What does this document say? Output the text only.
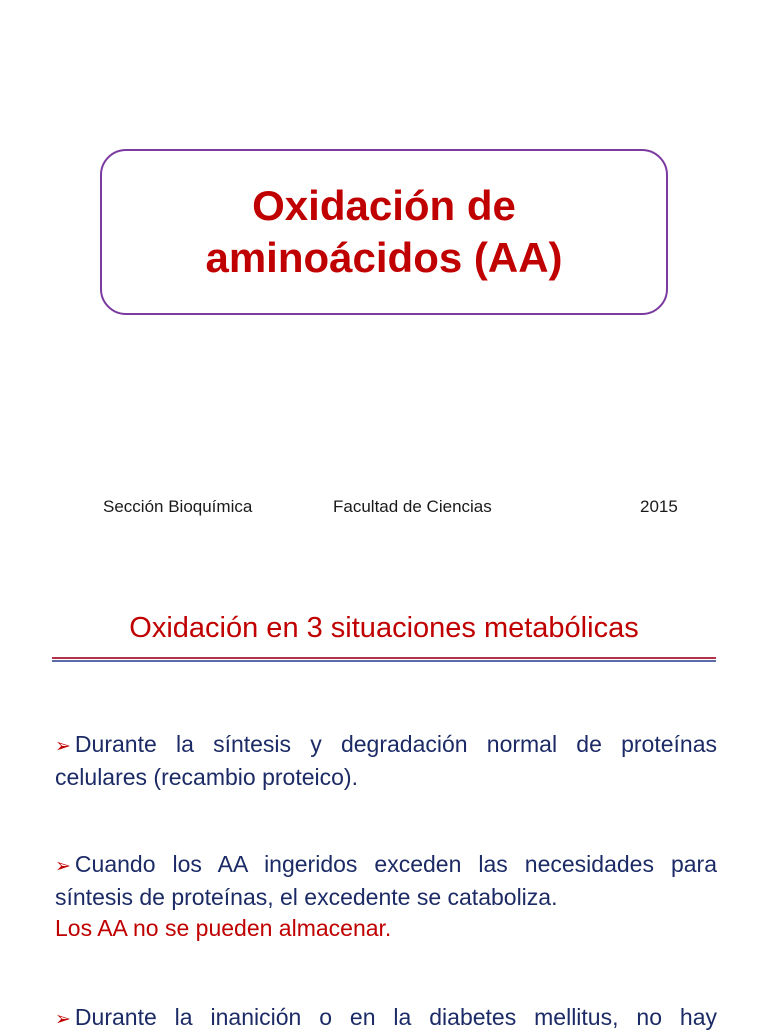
Oxidación de
aminoácidos (AA)
Sección Bioquímica	Facultad de Ciencias	2015
Oxidación en 3 situaciones metabólicas
➢ Durante la síntesis y degradación normal de proteínas celulares (recambio proteico).
➢ Cuando los AA ingeridos exceden las necesidades para síntesis de proteínas, el excedente se cataboliza.
Los AA no se pueden almacenar.
➢ Durante la inanición o en la diabetes mellitus, no hay
